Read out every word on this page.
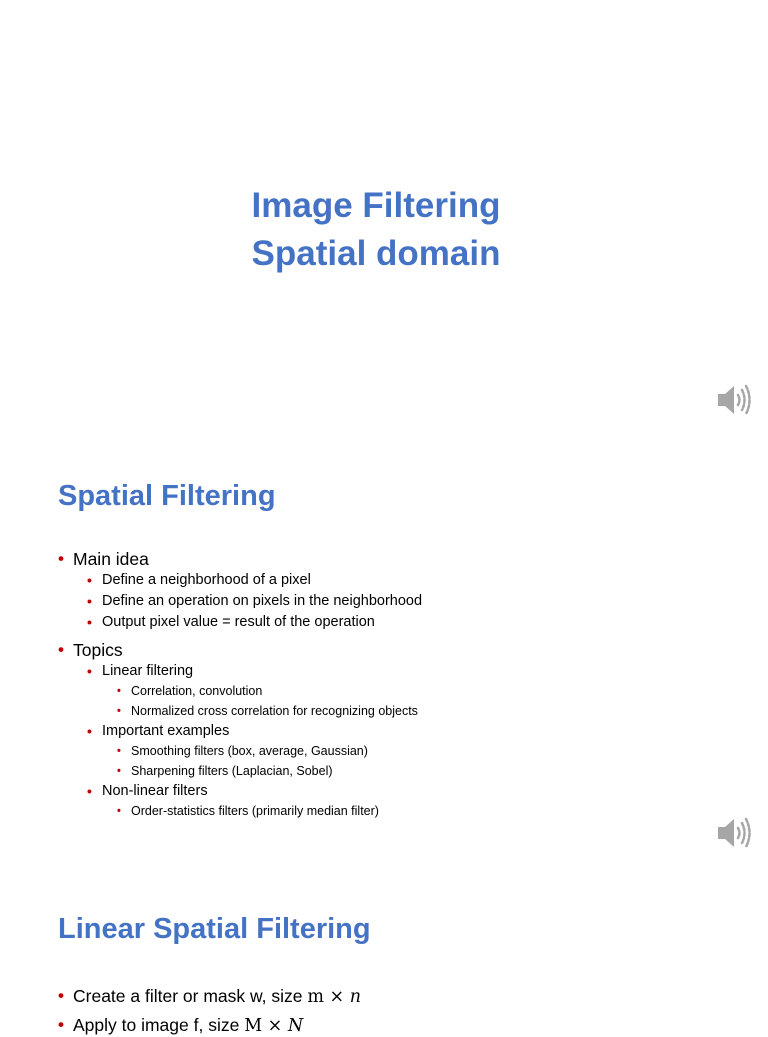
Image Filtering
Spatial domain
Spatial Filtering
• Main idea
• Define a neighborhood of a pixel
• Define an operation on pixels in the neighborhood
• Output pixel value = result of the operation
• Topics
• Linear filtering
• Correlation, convolution
• Normalized cross correlation for recognizing objects
• Important examples
• Smoothing filters (box, average, Gaussian)
• Sharpening filters (Laplacian, Sobel)
• Non-linear filters
• Order-statistics filters (primarily median filter)
Linear Spatial Filtering
• Create a filter or mask w, size m × 𝑛
• Apply to image f, size M × 𝑁
